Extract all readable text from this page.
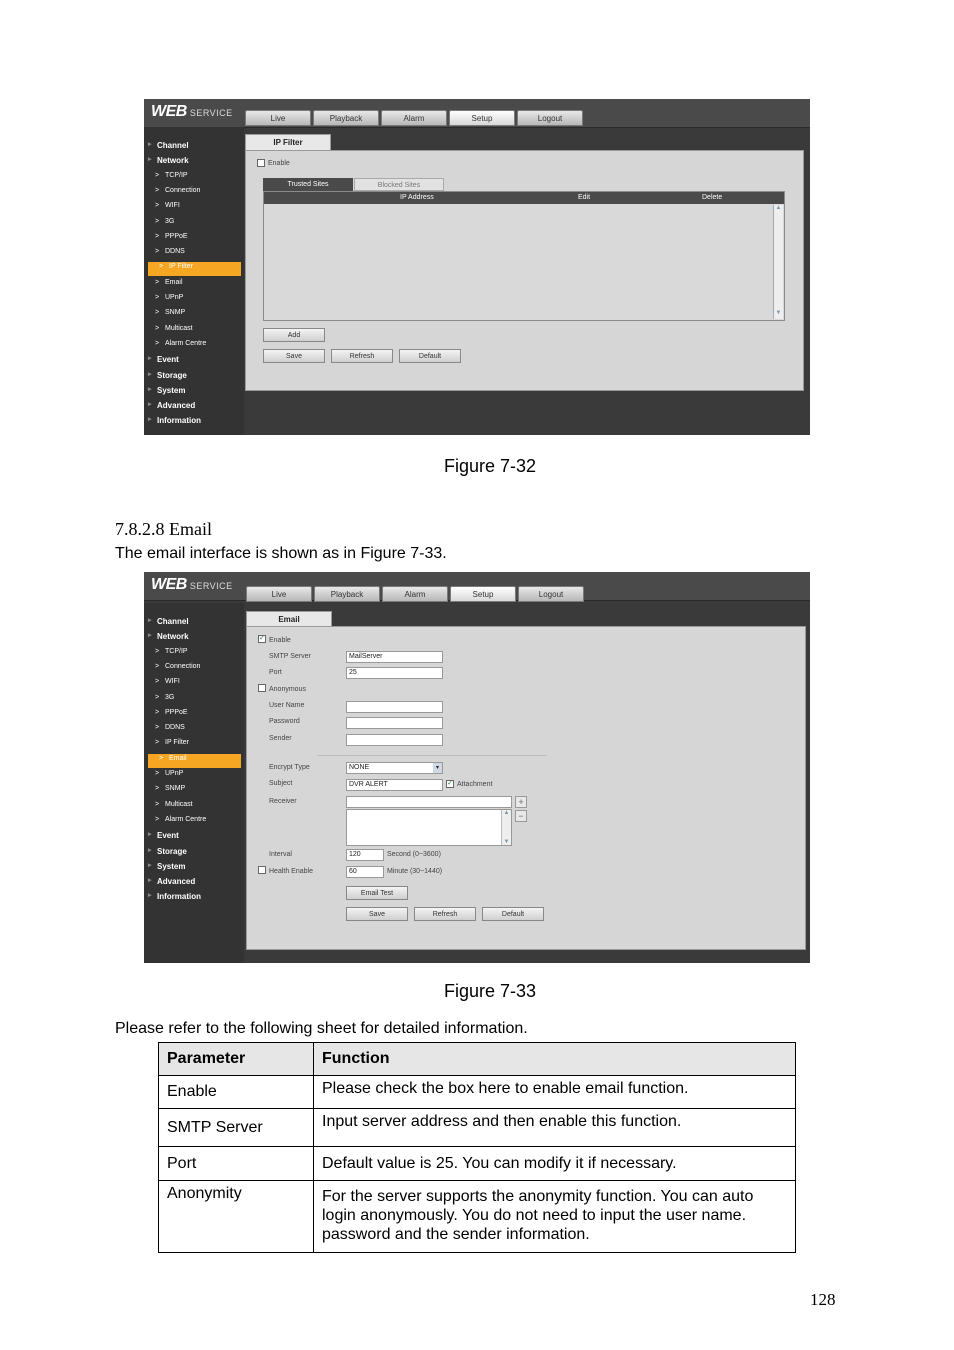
WEB SERVICE
Live	Playback	Alarm	Setup	Logout
▸ Channel
▸ Network
> TCP/IP
> Connection
> WIFI
> 3G
> PPPoE
> DDNS
> IP Filter
> Email
> UPnP
> SNMP
> Multicast
> Alarm Centre
▸ Event
▸ Storage
▸ System
▸ Advanced
▸ Information
IP Filter
Enable
Trusted Sites	Blocked Sites
IP Address	Edit	Delete
▲
▼
Add
Save	Refresh	Default
Figure 7-32
7.8.2.8 Email
The email interface is shown as in Figure 7-33.
WEB SERVICE
Live	Playback	Alarm	Setup	Logout
▸ Channel
▸ Network
> TCP/IP
> Connection
> WIFI
> 3G
> PPPoE
> DDNS
> IP Filter
> Email
> UPnP
> SNMP
> Multicast
> Alarm Centre
▸ Event
▸ Storage
▸ System
▸ Advanced
▸ Information
Email
✓ Enable
SMTP Server	MailServer
Port	25
Anonymous
User Name
Password
Sender
Encrypt Type	NONE	▾
Subject	DVR ALERT	✓ Attachment
Receiver	+
−
▲
▼
Interval	120	Second (0~3600)
Health Enable	60	Minute (30~1440)
Email Test
Save	Refresh	Default
Figure 7-33
Please refer to the following sheet for detailed information.
Parameter	Function
Enable	Please check the box here to enable email function.
SMTP Server	Input server address and then enable this function.
Port	Default value is 25. You can modify it if necessary.
Anonymity	For the server supports the anonymity function. You can auto login anonymously. You do not need to input the user name. password and the sender information.
128
